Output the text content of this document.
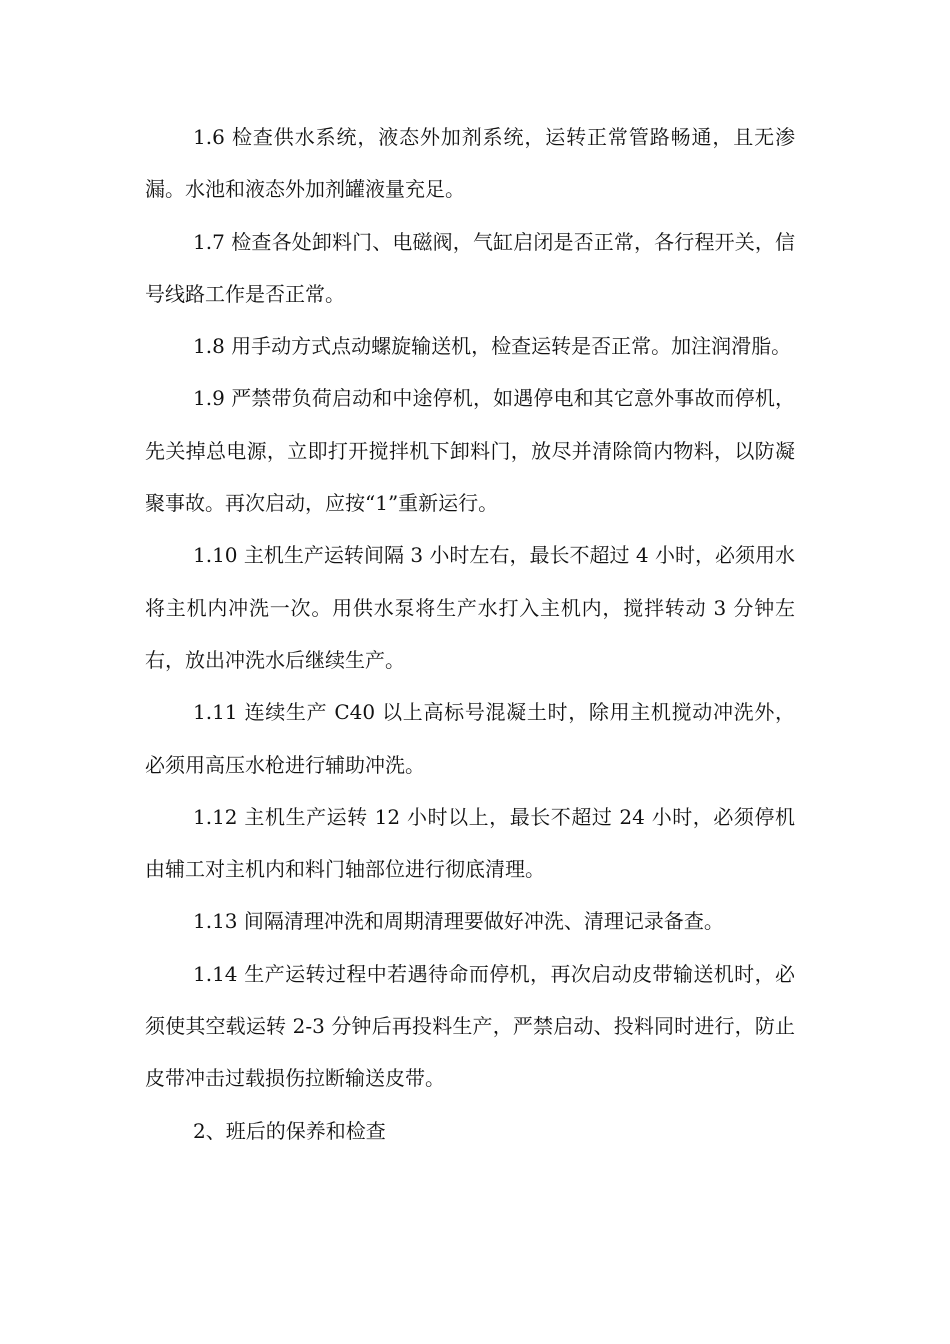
1.6 检查供水系统，液态外加剂系统，运转正常管路畅通，且无渗漏。水池和液态外加剂罐液量充足。

1.7 检查各处卸料门、电磁阀，气缸启闭是否正常，各行程开关，信号线路工作是否正常。

1.8 用手动方式点动螺旋输送机，检查运转是否正常。加注润滑脂。

1.9 严禁带负荷启动和中途停机，如遇停电和其它意外事故而停机，先关掉总电源，立即打开搅拌机下卸料门，放尽并清除筒内物料，以防凝聚事故。再次启动，应按“1”重新运行。

1.10 主机生产运转间隔 3 小时左右，最长不超过 4 小时，必须用水将主机内冲洗一次。用供水泵将生产水打入主机内，搅拌转动 3 分钟左右，放出冲洗水后继续生产。

1.11 连续生产 C40 以上高标号混凝土时，除用主机搅动冲洗外，必须用高压水枪进行辅助冲洗。

1.12 主机生产运转 12 小时以上，最长不超过 24 小时，必须停机由辅工对主机内和料门轴部位进行彻底清理。

1.13 间隔清理冲洗和周期清理要做好冲洗、清理记录备查。

1.14 生产运转过程中若遇待命而停机，再次启动皮带输送机时，必须使其空载运转 2-3 分钟后再投料生产，严禁启动、投料同时进行，防止皮带冲击过载损伤拉断输送皮带。

2、班后的保养和检查
